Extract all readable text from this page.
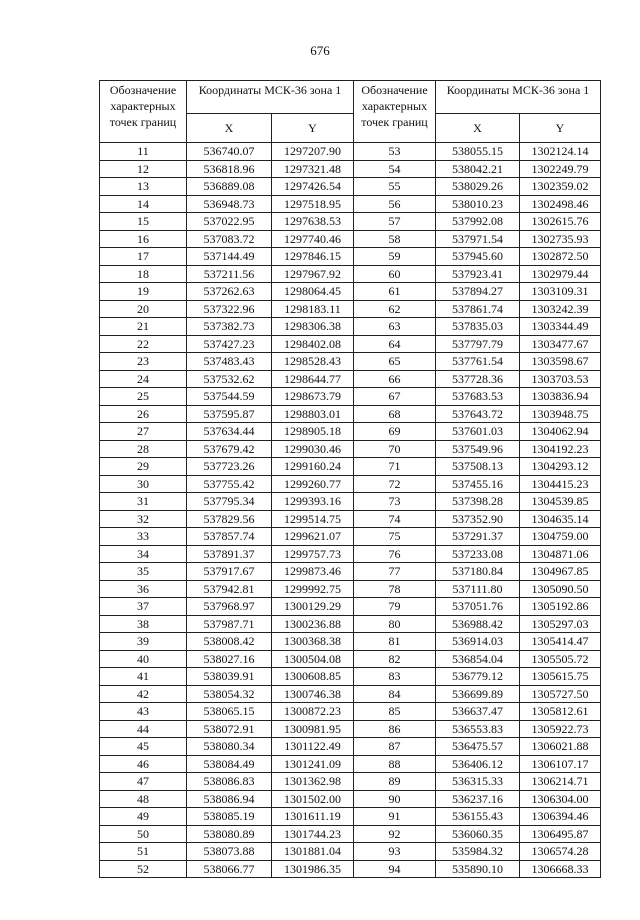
676
Обозначение характерных точек границ	Координаты МСК-36 зона 1	
	X	Y
11	536740.07	1297207.90
12	536818.96	1297321.48
13	536889.08	1297426.54
14	536948.73	1297518.95
15	537022.95	1297638.53
16	537083.72	1297740.46
17	537144.49	1297846.15
18	537211.56	1297967.92
19	537262.63	1298064.45
20	537322.96	1298183.11
21	537382.73	1298306.38
22	537427.23	1298402.08
23	537483.43	1298528.43
24	537532.62	1298644.77
25	537544.59	1298673.79
26	537595.87	1298803.01
27	537634.44	1298905.18
28	537679.42	1299030.46
29	537723.26	1299160.24
30	537755.42	1299260.77
31	537795.34	1299393.16
32	537829.56	1299514.75
33	537857.74	1299621.07
34	537891.37	1299757.73
35	537917.67	1299873.46
36	537942.81	1299992.75
37	537968.97	1300129.29
38	537987.71	1300236.88
39	538008.42	1300368.38
40	538027.16	1300504.08
41	538039.91	1300608.85
42	538054.32	1300746.38
43	538065.15	1300872.23
44	538072.91	1300981.95
45	538080.34	1301122.49
46	538084.49	1301241.09
47	538086.83	1301362.98
48	538086.94	1301502.00
49	538085.19	1301611.19
50	538080.89	1301744.23
51	538073.88	1301881.04
52	538066.77	1301986.35
Обозначение характерных точек границ	Координаты МСК-36 зона 1	
	X	Y
53	538055.15	1302124.14
54	538042.21	1302249.79
55	538029.26	1302359.02
56	538010.23	1302498.46
57	537992.08	1302615.76
58	537971.54	1302735.93
59	537945.60	1302872.50
60	537923.41	1302979.44
61	537894.27	1303109.31
62	537861.74	1303242.39
63	537835.03	1303344.49
64	537797.79	1303477.67
65	537761.54	1303598.67
66	537728.36	1303703.53
67	537683.53	1303836.94
68	537643.72	1303948.75
69	537601.03	1304062.94
70	537549.96	1304192.23
71	537508.13	1304293.12
72	537455.16	1304415.23
73	537398.28	1304539.85
74	537352.90	1304635.14
75	537291.37	1304759.00
76	537233.08	1304871.06
77	537180.84	1304967.85
78	537111.80	1305090.50
79	537051.76	1305192.86
80	536988.42	1305297.03
81	536914.03	1305414.47
82	536854.04	1305505.72
83	536779.12	1305615.75
84	536699.89	1305727.50
85	536637.47	1305812.61
86	536553.83	1305922.73
87	536475.57	1306021.88
88	536406.12	1306107.17
89	536315.33	1306214.71
90	536237.16	1306304.00
91	536155.43	1306394.46
92	536060.35	1306495.87
93	535984.32	1306574.28
94	535890.10	1306668.33
